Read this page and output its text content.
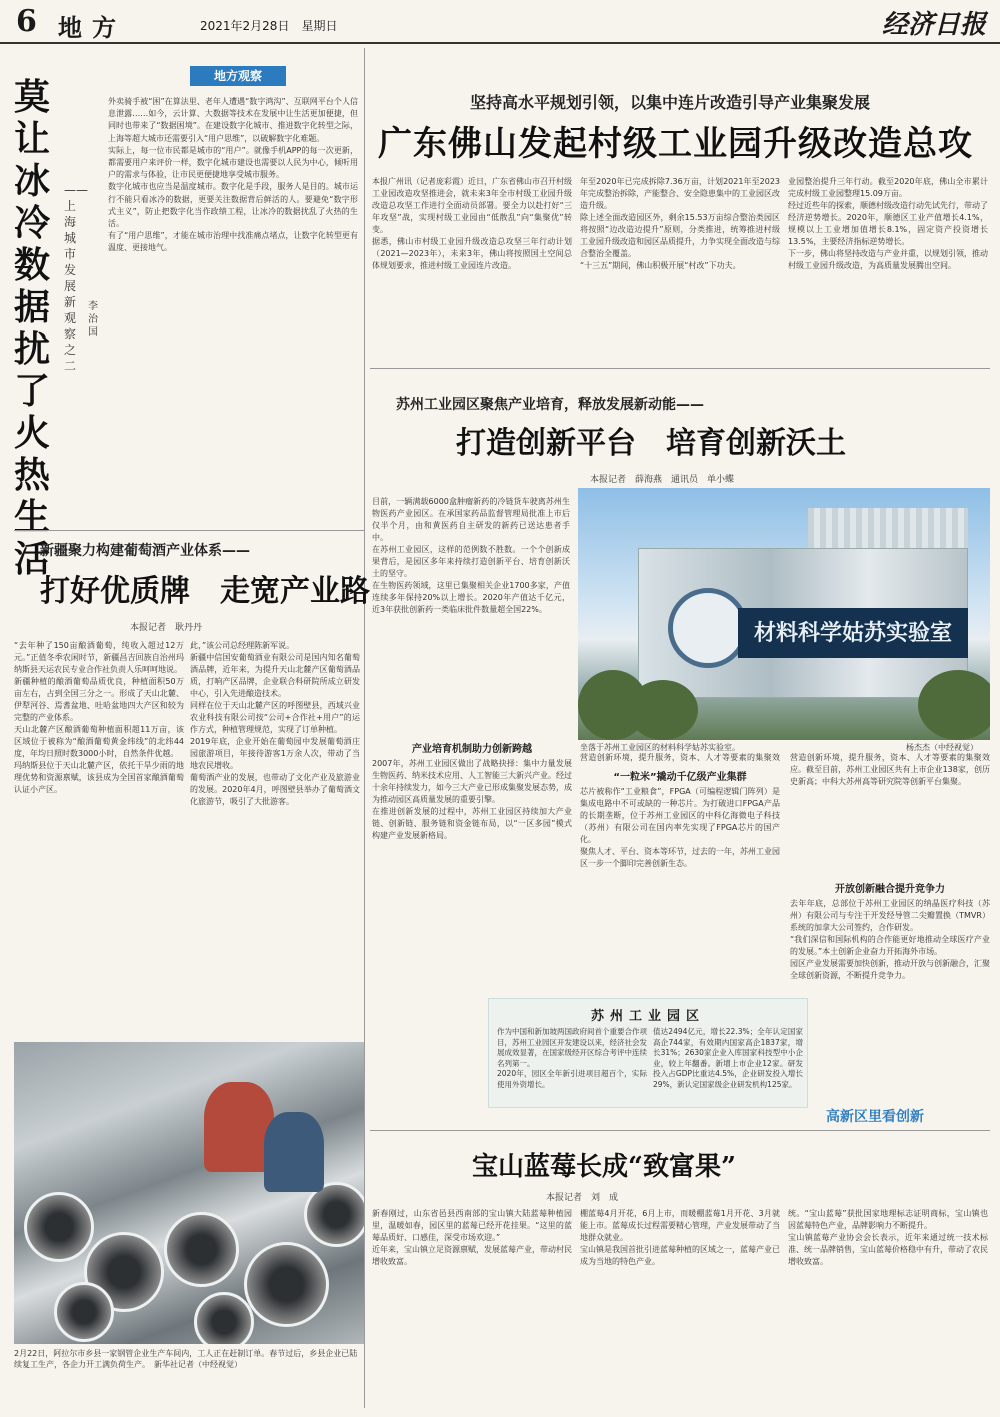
6 地方	2021年2月28日　星期日	经济日报
地方观察
莫让冰冷数据扰了火热生活
——上海城市发展新观察之二
李治国
外卖骑手被“困”在算法里、老年人遭遇“数字鸿沟”、互联网平台个人信息泄露……如今，云计算、大数据等技术在发展中让生活更加便捷，但同时也带来了“数据困境”。在建设数字化城市、推进数字化转型之际，上海等超大城市还需要引入“用户思维”，以破解数字化难题。
实际上，每一位市民都是城市的“用户”。就像手机APP的每一次更新，都需要用户来评价一样，数字化城市建设也需要以人民为中心，倾听用户的需求与体验，让市民更便捷地享受城市服务。
数字化城市也应当是温度城市。数字化是手段，服务人是目的。城市运行不能只看冰冷的数据，更要关注数据背后鲜活的人。要避免“数字形式主义”，防止把数字化当作政绩工程，让冰冷的数据扰乱了火热的生活。
有了“用户思维”，才能在城市治理中找准痛点堵点，让数字化转型更有温度、更接地气。
新疆聚力构建葡萄酒产业体系——
打好优质牌　走宽产业路
本报记者　耿丹丹
“去年种了150亩酿酒葡萄，纯收入超过12万元。”正值冬季农闲时节，新疆昌吉回族自治州玛纳斯县天运农民专业合作社负责人乐呵呵地说。
新疆种植的酿酒葡萄品质优良，种植面积50万亩左右，占到全国三分之一。形成了天山北麓、伊犁河谷、焉耆盆地、吐哈盆地四大产区和较为完整的产业体系。
天山北麓产区酿酒葡萄种植面积超11万亩，该区域位于被称为“酿酒葡萄黄金纬线”的北纬44度，年均日照时数3000小时，自然条件优越。
玛纳斯县位于天山北麓产区，依托干旱少雨的地理优势和资源禀赋，该县成为全国首家酿酒葡萄认证小产区。
此，”该公司总经理陈新军说。
新疆中信国安葡萄酒业有限公司是国内知名葡萄酒品牌，近年来，为提升天山北麓产区葡萄酒品质，打响产区品牌，企业联合科研院所成立研发中心，引入先进酿造技术。
同样在位于天山北麓产区的呼图壁县，西域兴业农业科技有限公司按“公司+合作社+用户”的运作方式，种植管理规范，实现了订单种植。
2019年底，企业开始在葡萄园中发展葡萄酒庄园旅游项目，年接待游客1万余人次，带动了当地农民增收。
葡萄酒产业的发展，也带动了文化产业及旅游业的发展。2020年4月，呼图壁县举办了葡萄酒文化旅游节，吸引了大批游客。
2月22日，阿拉尔市乡县一家钢管企业生产车间内，工人正在赶制订单。春节过后，乡县企业已陆续复工生产，各企力开工满负荷生产。　新华社记者（中经视觉）
坚持高水平规划引领，以集中连片改造引导产业集聚发展
广东佛山发起村级工业园升级改造总攻
本报广州讯（记者庞彩霞）近日，广东省佛山市召开村级工业园改造攻坚推进会，就未来3年全市村级工业园升级改造总攻坚工作进行全面动员部署。要全力以赴打好“三年攻坚”战，实现村级工业园由“低散乱”向“集聚优”转变。
据悉，佛山市村级工业园升级改造总攻坚三年行动计划（2021—2023年），未来3年，佛山将按照国土空间总体规划要求，推进村级工业园连片改造。
年至2020年已完成拆除7.36万亩，计划2021年至2023年完成整治拆除，产能整合、安全隐患集中的工业园区改造升级。
除上述全面改造园区外，剩余15.53万亩综合整治类园区将按照“边改造边提升”原则，分类推进，统筹推进村级工业园升级改造和园区品质提升，力争实现全面改造与综合整治全覆盖。
“十三五”期间，佛山积极开展“村改”下功夫。
业园整治提升三年行动。截至2020年底，佛山全市累计完成村级工业园整理15.09万亩。
经过近些年的探索，顺德村级改造行动先试先行，带动了经济逆势增长。2020年，顺德区工业产值增长4.1%，规模以上工业增加值增长8.1%，固定资产投资增长13.5%，主要经济指标逆势增长。
下一步，佛山将坚持改造与产业并重，以规划引领，推动村级工业园升级改造，为高质量发展腾出空间。
苏州工业园区聚焦产业培育，释放发展新动能——
打造创新平台　培育创新沃土
本报记者　薛海燕　通讯员　单小蝶
目前，一辆满载6000盒肿瘤新药的冷链货车驶离苏州生物医药产业园区。在承国家药品监督管理局批准上市后仅半个月，由和黄医药自主研发的新药已送达患者手中。
在苏州工业园区，这样的范例数不胜数。一个个创新成果背后，是园区多年来持续打造创新平台、培育创新沃土的坚守。
在生物医药领域，这里已集聚相关企业1700多家，产值连续多年保持20%以上增长。2020年产值达千亿元，近3年获批创新药一类临床批件数量超全国22%。
材料科学姑苏实验室
坐落于苏州工业园区的材料科学姑苏实验室。	杨杰杰（中经视觉）
产业培育机制助力创新跨越
2007年，苏州工业园区做出了战略抉择：集中力量发展生物医药、纳米技术应用、人工智能三大新兴产业。经过十余年持续发力，如今三大产业已形成集聚发展态势，成为推动园区高质量发展的重要引擎。
在推进创新发展的过程中，苏州工业园区持续加大产业链、创新链、服务链和资金链布局，以“一区多园”模式构建产业发展新格局。
营造创新环境，提升服务，资本、人才等要素的集聚效
“一粒米”撬动千亿级产业集群
芯片被称作“工业粮食”，FPGA（可编程逻辑门阵列）是集成电路中不可或缺的一种芯片。为打破进口FPGA产品的长期垄断，位于苏州工业园区的中科亿海微电子科技（苏州）有限公司在国内率先实现了FPGA芯片的国产化。
聚焦人才、平台、资本等环节，过去的一年，苏州工业园区一步一个脚印完善创新生态。
营造创新环境，提升服务，资本、人才等要素的集聚效应。截至目前，苏州工业园区共有上市企业138家，创历史新高；中科大苏州高等研究院等创新平台集聚。
开放创新融合提升竞争力
去年年底，总部位于苏州工业园区的纳晶医疗科技（苏州）有限公司与专注于开发经导管二尖瓣置换（TMVR）系统的加拿大公司签约，合作研发。
“我们深信和国际机构的合作能更好地推动全球医疗产业的发展。”本土创新企业奋力开拓海外市场。
园区产业发展需要加快创新，推动开放与创新融合，汇聚全球创新资源，不断提升竞争力。
苏州工业园区
作为中国和新加坡两国政府间首个重要合作项目，苏州工业园区开发建设以来，经济社会发展成效显著，在国家级经开区综合考评中连续名列第一。
2020年，园区全年新引进项目超百个，实际使用外资增长。
值达2494亿元，增长22.3%；全年认定国家高企744家，有效期内国家高企1837家，增长31%；2630家企业入库国家科技型中小企业，较上年翻番。新增上市企业12家。研发投入占GDP比重达4.5%，企业研发投入增长29%，新认定国家级企业研发机构125家。
高新区里看创新
宝山蓝莓长成“致富果”
本报记者　刘　成
新春刚过，山东省邑县西南部的宝山镇大陆蓝莓种植园里，温暖如春，园区里的蓝莓已经开花挂果。“这里的蓝莓品质好、口感佳，深受市场欢迎。”
近年来，宝山镇立足资源禀赋，发展蓝莓产业，带动村民增收致富。
棚蓝莓4月开花，6月上市，而暖棚蓝莓1月开花、3月就能上市。蓝莓成长过程需要精心管理，产业发展带动了当地群众就业。
宝山镇是我国首批引进蓝莓种植的区域之一，蓝莓产业已成为当地的特色产业。
统。“宝山蓝莓”获批国家地理标志证明商标，宝山镇也因蓝莓特色产业，品牌影响力不断提升。
宝山镇蓝莓产业协会会长表示，近年来通过统一技术标准、统一品牌销售，宝山蓝莓价格稳中有升，带动了农民增收致富。
